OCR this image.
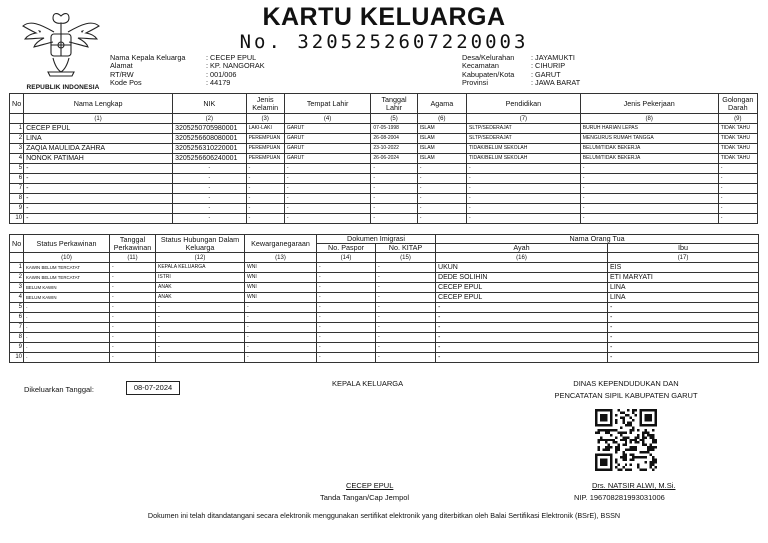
REPUBLIK INDONESIA
KARTU KELUARGA
No. 3205252607220003
Nama Kepala Keluarga	: CECEP EPUL
Alamat	: KP. NANGORAK
RT/RW	: 001/006
Kode Pos	: 44179
Desa/Kelurahan	: JAYAMUKTI
Kecamatan	: CIHURIP
Kabupaten/Kota	: GARUT
Provinsi	: JAWA BARAT
No	Nama Lengkap	NIK	Jenis Kelamin	Tempat Lahir	Tanggal Lahir	Agama	Pendidikan	Jenis Pekerjaan	Golongan Darah
	(1)	(2)	(3)	(4)	(5)	(6)	(7)	(8)	(9)
1	CECEP EPUL	3205250705980001	LAKI-LAKI	GARUT	07-05-1998	ISLAM	SLTP/SEDERAJAT	BURUH HARIAN LEPAS	TIDAK TAHU
2	LINA	3205256608080001	PEREMPUAN	GARUT	26-08-2004	ISLAM	SLTP/SEDERAJAT	MENGURUS RUMAH TANGGA	TIDAK TAHU
3	ZAQIA MAULIDA ZAHRA	3205256310220001	PEREMPUAN	GARUT	23-10-2022	ISLAM	TIDAK/BELUM SEKOLAH	BELUM/TIDAK BEKERJA	TIDAK TAHU
4	NONOK PATIMAH	3205256606240001	PEREMPUAN	GARUT	26-06-2024	ISLAM	TIDAK/BELUM SEKOLAH	BELUM/TIDAK BEKERJA	TIDAK TAHU
5	-	-	-	-	-	-	-	-	-
6	-	-	-	-	-	-	-	-	-
7	-	-	-	-	-	-	-	-	-
8	-	-	-	-	-	-	-	-	-
9	-	-	-	-	-	-	-	-	-
10	-	-	-	-	-	-	-	-	-
No	Status Perkawinan	Tanggal Perkawinan	Status Hubungan Dalam Keluarga	Kewarganegaraan	Dokumen Imigrasi		Nama Orang Tua	
					No. Paspor	No. KITAP	Ayah	Ibu
	(10)	(11)	(12)	(13)	(14)	(15)	(16)	(17)
1	KAWIN BELUM TERCATAT	-	KEPALA KELUARGA	WNI	-	-	UKUN	EIS
2	KAWIN BELUM TERCATAT	-	ISTRI	WNI	-	-	DEDE SOLIHIN	ETI MARYATI
3	BELUM KAWIN	-	ANAK	WNI	-	-	CECEP EPUL	LINA
4	BELUM KAWIN	-	ANAK	WNI	-	-	CECEP EPUL	LINA
5	-	-	-	-	-	-	-	-
6	-	-	-	-	-	-	-	-
7	-	-	-	-	-	-	-	-
8	-	-	-	-	-	-	-	-
9	-	-	-	-	-	-	-	-
10	-	-	-	-	-	-	-	-
Dikeluarkan Tanggal:	08-07-2024	KEPALA KELUARGA	DINAS KEPENDUDUKAN DAN
PENCATATAN SIPIL KABUPATEN GARUT
CECEP EPUL
Tanda Tangan/Cap Jempol
Drs. NATSIR ALWI, M.Si.
NIP. 196708281993031006
Dokumen ini telah ditandatangani secara elektronik menggunakan sertifikat elektronik yang diterbitkan oleh Balai Sertifikasi Elektronik (BSrE), BSSN
